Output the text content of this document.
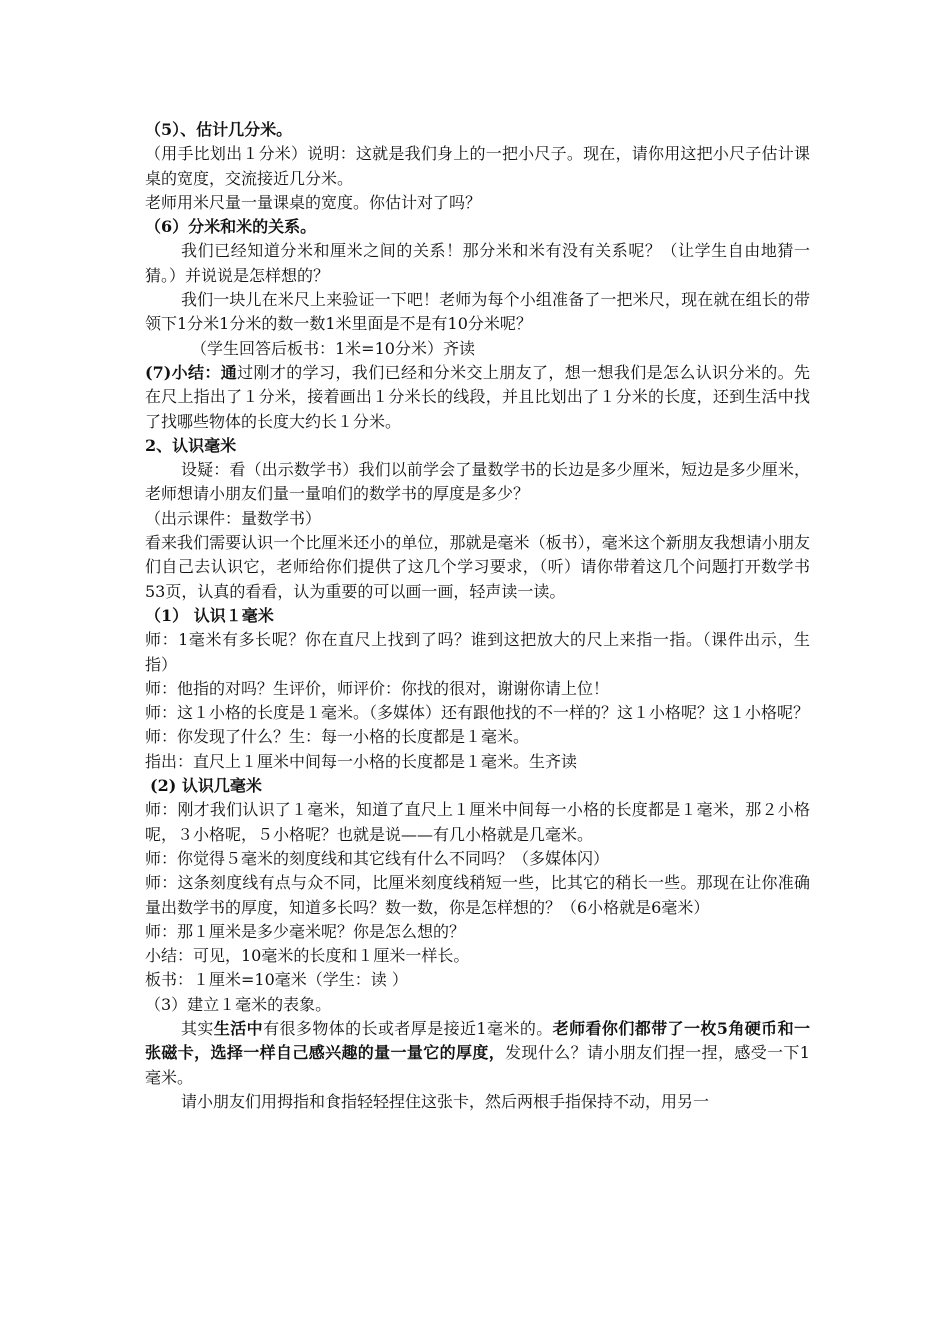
（5）、估计几分米。

（用手比划出１分米）说明：这就是我们身上的一把小尺子。现在，请你用这把小尺子估计课桌的宽度，交流接近几分米。

老师用米尺量一量课桌的宽度。你估计对了吗？

（6）分米和米的关系。

我们已经知道分米和厘米之间的关系！那分米和米有没有关系呢？（让学生自由地猜一猜。）并说说是怎样想的？

我们一块儿在米尺上来验证一下吧！老师为每个小组准备了一把米尺，现在就在组长的带领下1分米1分米的数一数1米里面是不是有10分米呢？

（学生回答后板书：1米=10分米）齐读

(7)小结：通过刚才的学习，我们已经和分米交上朋友了，想一想我们是怎么认识分米的。先在尺上指出了１分米，接着画出１分米长的线段，并且比划出了１分米的长度，还到生活中找了找哪些物体的长度大约长１分米。

2、认识毫米

设疑：看（出示数学书）我们以前学会了量数学书的长边是多少厘米，短边是多少厘米，老师想请小朋友们量一量咱们的数学书的厚度是多少？

（出示课件：量数学书）

看来我们需要认识一个比厘米还小的单位，那就是毫米（板书），毫米这个新朋友我想请小朋友们自己去认识它，老师给你们提供了这几个学习要求，（听）请你带着这几个问题打开数学书53页，认真的看看，认为重要的可以画一画，轻声读一读。

（1） 认识１毫米

师：1毫米有多长呢？你在直尺上找到了吗？谁到这把放大的尺上来指一指。（课件出示，生指）

师：他指的对吗？生评价，师评价：你找的很对，谢谢你请上位！

师：这１小格的长度是１毫米。（多媒体）还有跟他找的不一样的？这１小格呢？这１小格呢？

师：你发现了什么？生：每一小格的长度都是１毫米。

指出：直尺上１厘米中间每一小格的长度都是１毫米。生齐读

(2) 认识几毫米

师：刚才我们认识了１毫米，知道了直尺上１厘米中间每一小格的长度都是１毫米，那２小格呢，３小格呢，５小格呢？也就是说——有几小格就是几毫米。

师：你觉得５毫米的刻度线和其它线有什么不同吗？（多媒体闪）

师：这条刻度线有点与众不同，比厘米刻度线稍短一些，比其它的稍长一些。那现在让你准确量出数学书的厚度，知道多长吗？数一数，你是怎样想的？（6小格就是6毫米）

师：那１厘米是多少毫米呢？你是怎么想的？

小结：可见，10毫米的长度和１厘米一样长。

板书：１厘米=10毫米（学生：读 ）

（3）建立１毫米的表象。

其实生活中有很多物体的长或者厚是接近1毫米的。老师看你们都带了一枚5角硬币和一张磁卡，选择一样自己感兴趣的量一量它的厚度，发现什么？请小朋友们捏一捏，感受一下1毫米。

请小朋友们用拇指和食指轻轻捏住这张卡，然后两根手指保持不动，用另一
